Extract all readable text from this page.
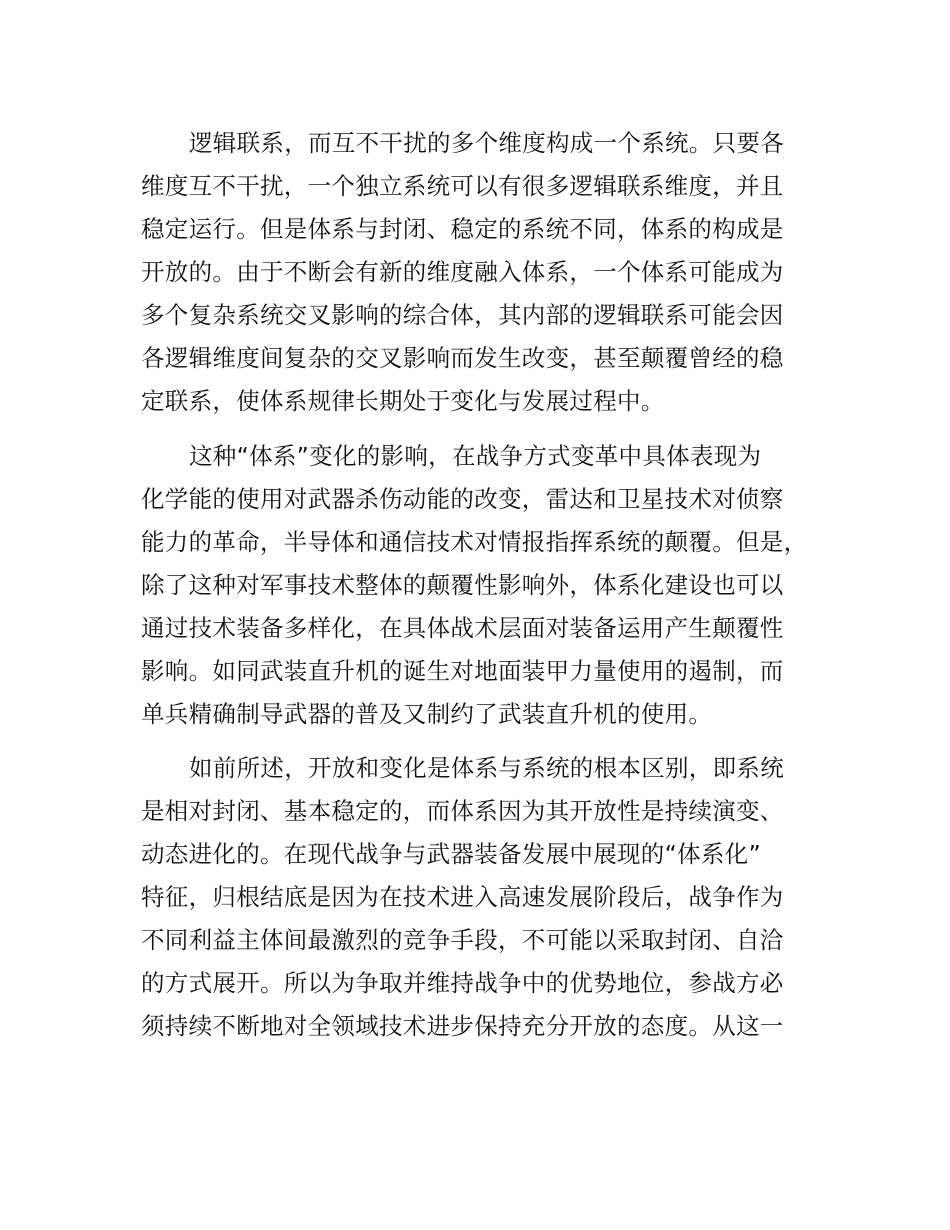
逻辑联系，而互不干扰的多个维度构成一个系统。只要各
维度互不干扰，一个独立系统可以有很多逻辑联系维度，并且
稳定运行。但是体系与封闭、稳定的系统不同，体系的构成是
开放的。由于不断会有新的维度融入体系，一个体系可能成为
多个复杂系统交叉影响的综合体，其内部的逻辑联系可能会因
各逻辑维度间复杂的交叉影响而发生改变，甚至颠覆曾经的稳
定联系，使体系规律长期处于变化与发展过程中。
这种“体系”变化的影响，在战争方式变革中具体表现为
化学能的使用对武器杀伤动能的改变，雷达和卫星技术对侦察
能力的革命，半导体和通信技术对情报指挥系统的颠覆。但是，
除了这种对军事技术整体的颠覆性影响外，体系化建设也可以
通过技术装备多样化，在具体战术层面对装备运用产生颠覆性
影响。如同武装直升机的诞生对地面装甲力量使用的遏制，而
单兵精确制导武器的普及又制约了武装直升机的使用。
如前所述，开放和变化是体系与系统的根本区别，即系统
是相对封闭、基本稳定的，而体系因为其开放性是持续演变、
动态进化的。在现代战争与武器装备发展中展现的“体系化”
特征，归根结底是因为在技术进入高速发展阶段后，战争作为
不同利益主体间最激烈的竞争手段，不可能以采取封闭、自洽
的方式展开。所以为争取并维持战争中的优势地位，参战方必
须持续不断地对全领域技术进步保持充分开放的态度。从这一
